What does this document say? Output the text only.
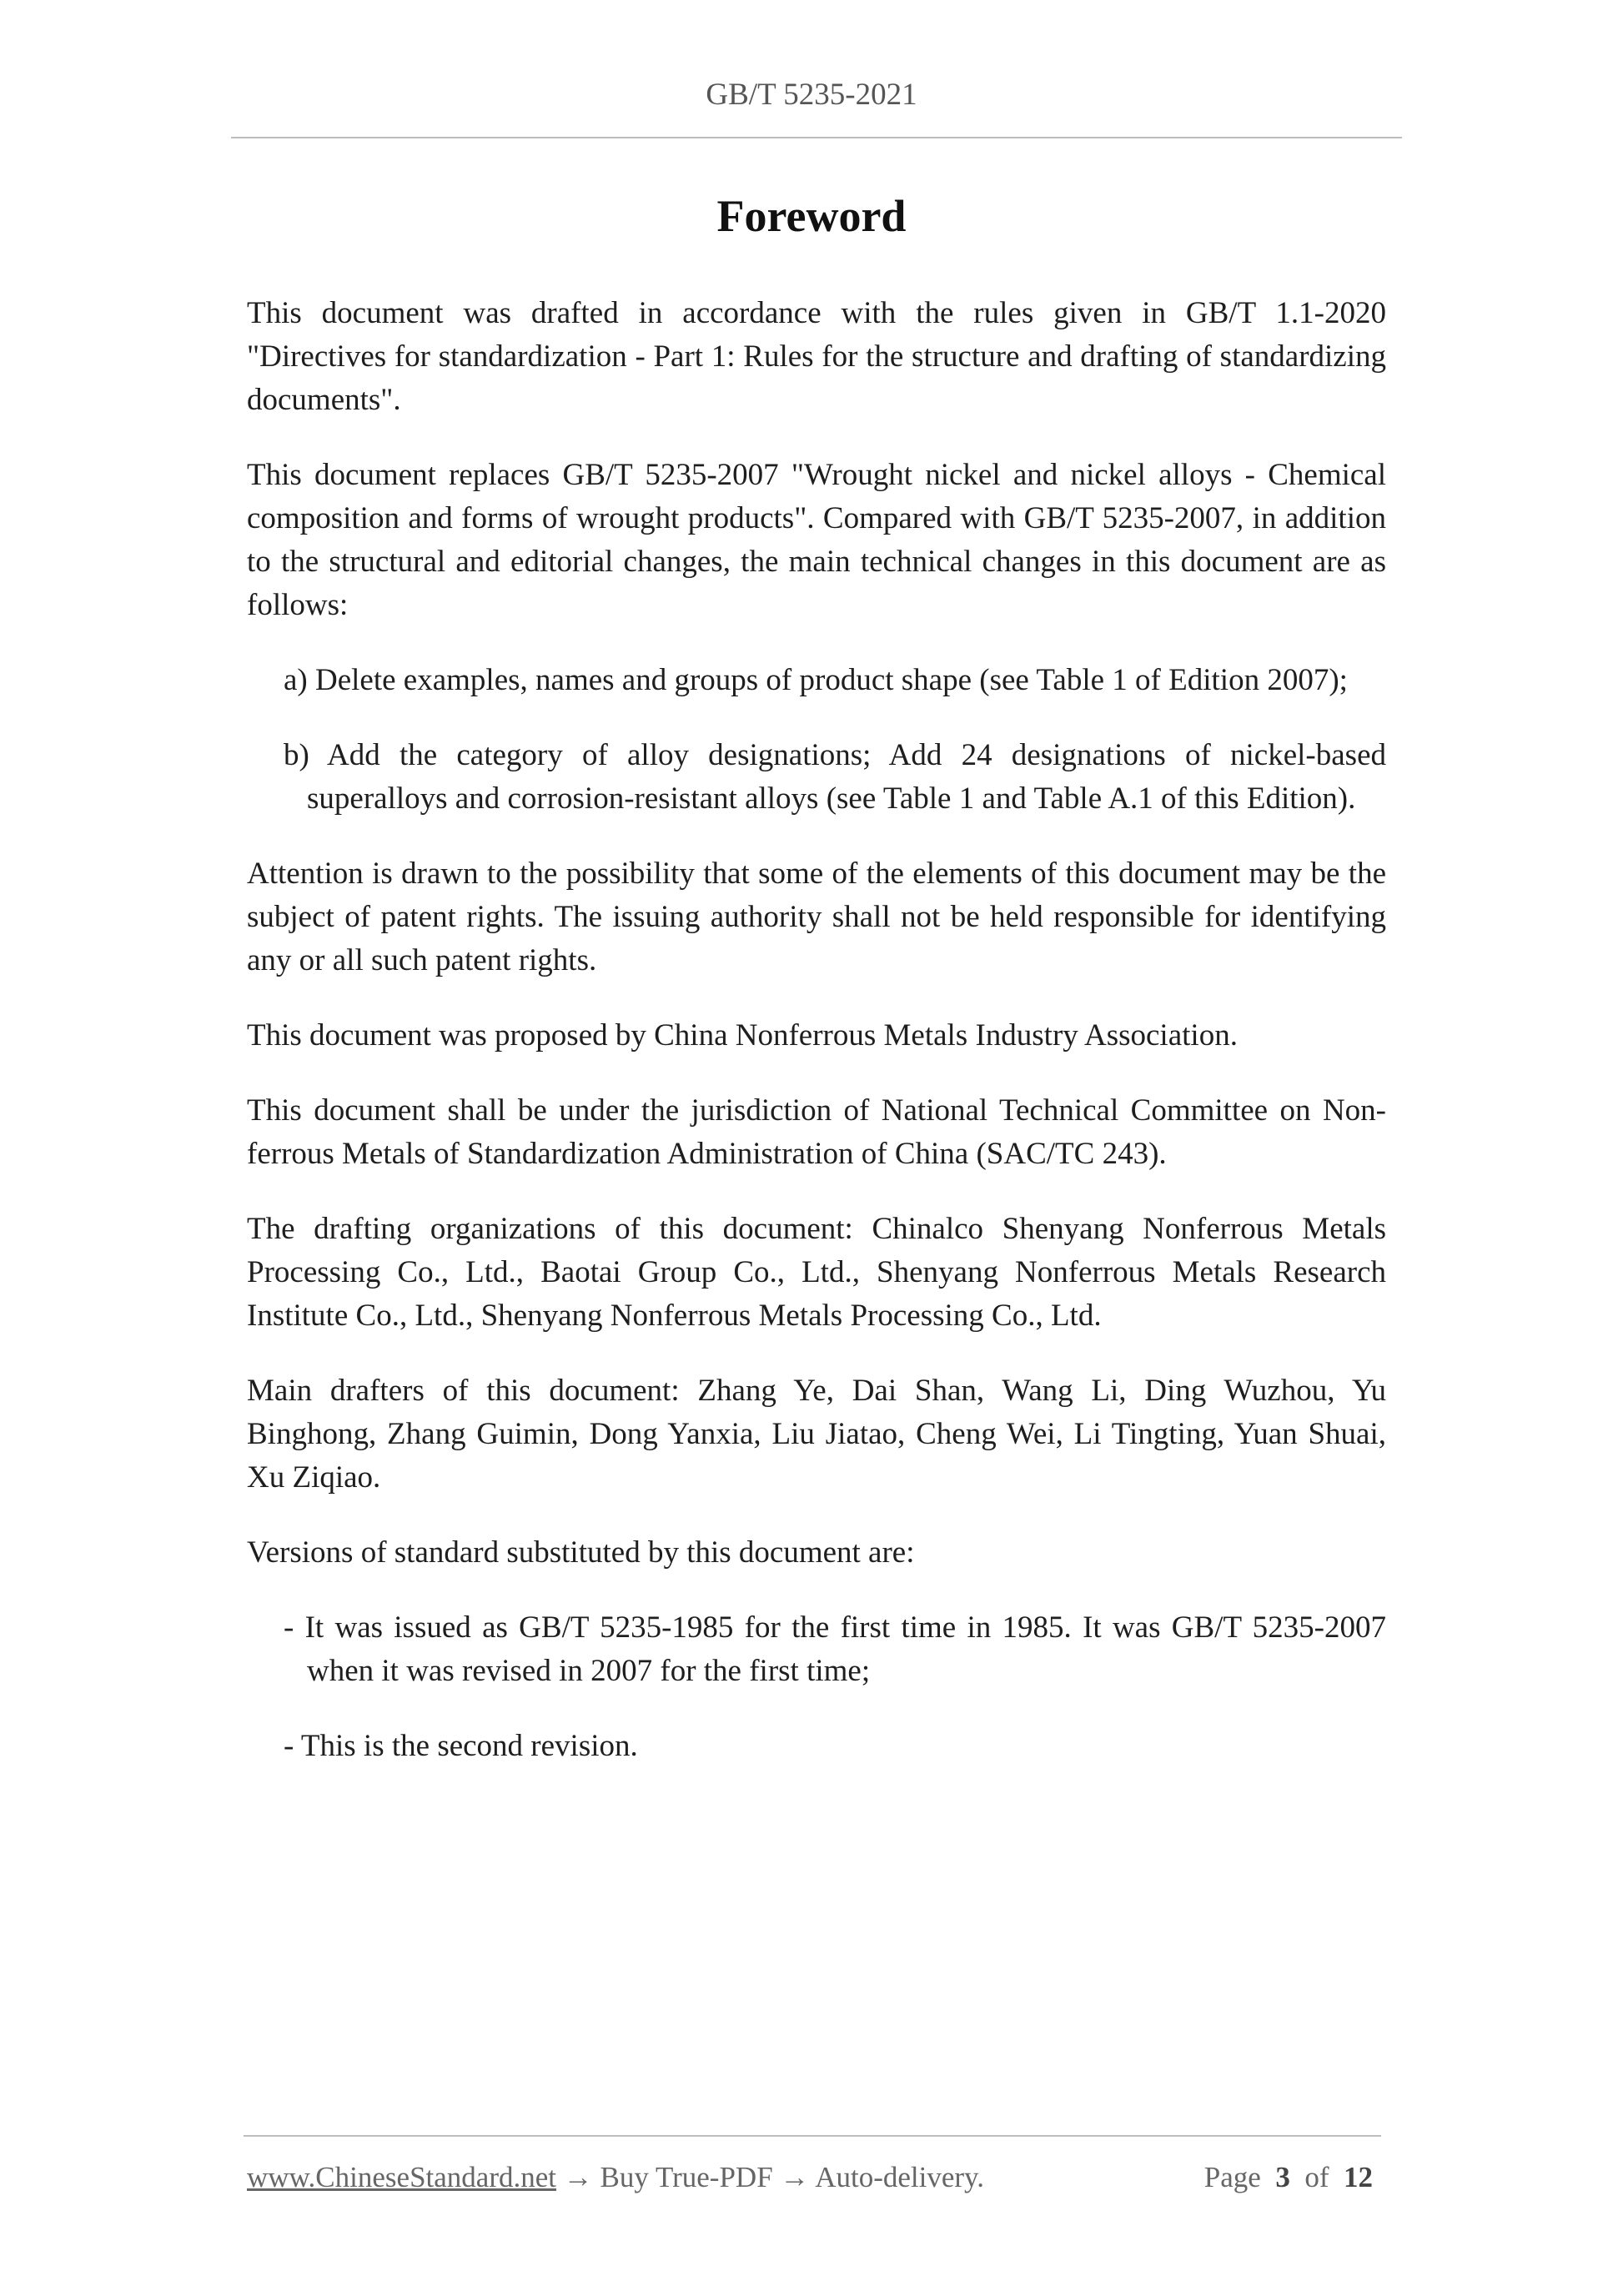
GB/T 5235-2021
Foreword

This document was drafted in accordance with the rules given in GB/T 1.1-2020 "Directives for standardization - Part 1: Rules for the structure and drafting of standardizing documents".

This document replaces GB/T 5235-2007 "Wrought nickel and nickel alloys - Chemical composition and forms of wrought products". Compared with GB/T 5235-2007, in addition to the structural and editorial changes, the main technical changes in this document are as follows:

a) Delete examples, names and groups of product shape (see Table 1 of Edition 2007);

b) Add the category of alloy designations; Add 24 designations of nickel-based superalloys and corrosion-resistant alloys (see Table 1 and Table A.1 of this Edition).

Attention is drawn to the possibility that some of the elements of this document may be the subject of patent rights. The issuing authority shall not be held responsible for identifying any or all such patent rights.

This document was proposed by China Nonferrous Metals Industry Association.

This document shall be under the jurisdiction of National Technical Committee on Non-ferrous Metals of Standardization Administration of China (SAC/TC 243).

The drafting organizations of this document: Chinalco Shenyang Nonferrous Metals Processing Co., Ltd., Baotai Group Co., Ltd., Shenyang Nonferrous Metals Research Institute Co., Ltd., Shenyang Nonferrous Metals Processing Co., Ltd.

Main drafters of this document: Zhang Ye, Dai Shan, Wang Li, Ding Wuzhou, Yu Binghong, Zhang Guimin, Dong Yanxia, Liu Jiatao, Cheng Wei, Li Tingting, Yuan Shuai, Xu Ziqiao.

Versions of standard substituted by this document are:

- It was issued as GB/T 5235-1985 for the first time in 1985. It was GB/T 5235-2007 when it was revised in 2007 for the first time;

- This is the second revision.

www.ChineseStandard.net → Buy True-PDF → Auto-delivery.	Page 3 of 12
